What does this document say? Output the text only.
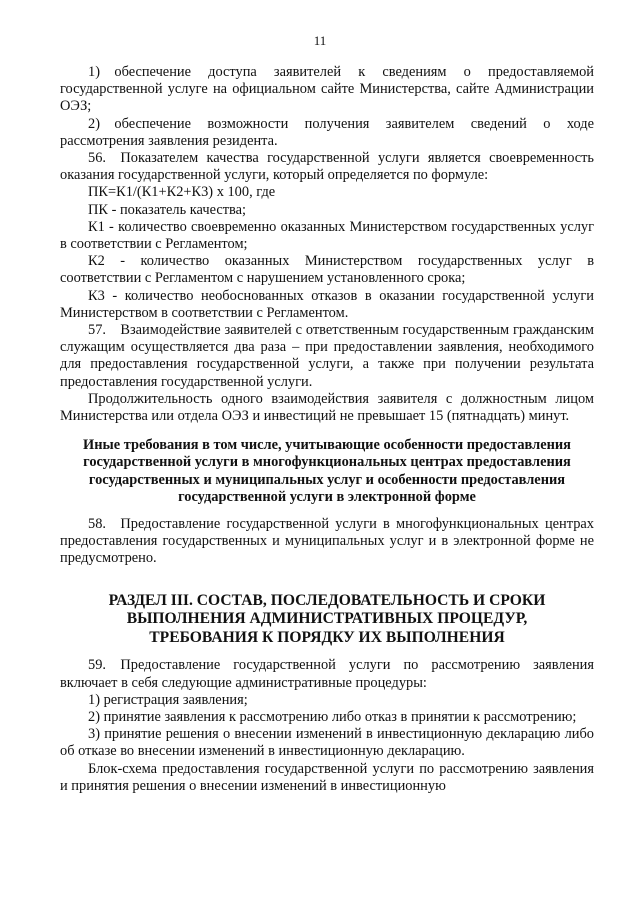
11

1) обеспечение доступа заявителей к сведениям о предоставляемой государственной услуге на официальном сайте Министерства, сайте Администрации ОЭЗ;

2) обеспечение возможности получения заявителем сведений о ходе рассмотрения заявления резидента.

56. Показателем качества государственной услуги является своевременность оказания государственной услуги, который определяется по формуле:

ПК=К1/(К1+К2+К3) х 100, где

ПК - показатель качества;

К1 - количество своевременно оказанных Министерством государственных услуг в соответствии с Регламентом;

К2 - количество оказанных Министерством государственных услуг в соответствии с Регламентом с нарушением установленного срока;

К3 - количество необоснованных отказов в оказании государственной услуги Министерством в соответствии с Регламентом.

57. Взаимодействие заявителей с ответственным государственным гражданским служащим осуществляется два раза – при предоставлении заявления, необходимого для предоставления государственной услуги, а также при получении результата предоставления государственной услуги.

Продолжительность одного взаимодействия заявителя с должностным лицом Министерства или отдела ОЭЗ и инвестиций не превышает 15 (пятнадцать) минут.

Иные требования в том числе, учитывающие особенности предоставления государственной услуги в многофункциональных центрах предоставления государственных и муниципальных услуг и особенности предоставления государственной услуги в электронной форме

58. Предоставление государственной услуги в многофункциональных центрах предоставления государственных и муниципальных услуг и в электронной форме не предусмотрено.

РАЗДЕЛ III. СОСТАВ, ПОСЛЕДОВАТЕЛЬНОСТЬ И СРОКИ
ВЫПОЛНЕНИЯ АДМИНИСТРАТИВНЫХ ПРОЦЕДУР,
ТРЕБОВАНИЯ К ПОРЯДКУ ИХ ВЫПОЛНЕНИЯ

59. Предоставление государственной услуги по рассмотрению заявления включает в себя следующие административные процедуры:

1) регистрация заявления;

2) принятие заявления к рассмотрению либо отказ в принятии к рассмотрению;

3) принятие решения о внесении изменений в инвестиционную декларацию либо об отказе во внесении изменений в инвестиционную декларацию.

Блок-схема предоставления государственной услуги по рассмотрению заявления и принятия решения о внесении изменений в инвестиционную
